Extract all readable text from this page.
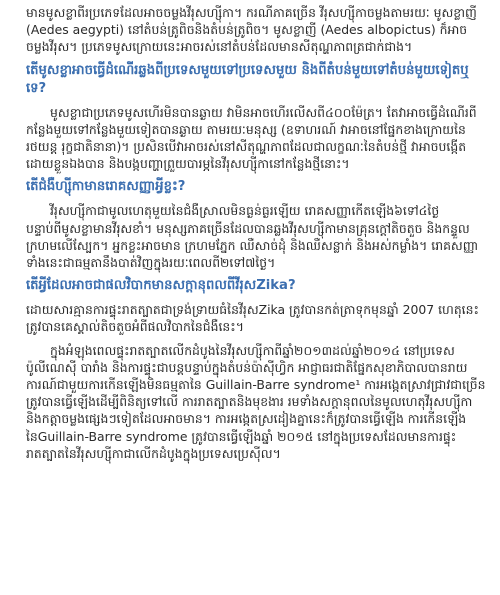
មានមូសខ្លាពីរប្រភេទដែលអាចចម្លងវីរុសហ្ស៊ីកា។ ករណីភាគច្រើន វីរុសហ្ស៊ីកាចម្លងតាមរយៈ មូសខ្លាញី (Aedes aegypti) នៅតំបន់ត្រូពិចនិងតំបន់ត្រូពិច។ មូសខ្លាញី (Aedes albopictus) ក៏អាចចម្លងវីរុស។ ប្រភេទមូសក្រោយនេះអាចរស់នៅតំបន់ដែលមានសីតុណ្ហភាពត្រជាក់ជាង។

តើមូសខ្លាអាចធ្វើដំណើរឆ្លងពីប្រទេសមួយទៅប្រទេសមួយ និងពីតំបន់មួយទៅតំបន់មួយទៀតឬទេ?

មូសខ្លាជាប្រភេទមូសហើរមិនបានឆ្ងាយ វាមិនអាចហើរលើសពី៤០០ម៉ែត្រ។ តែវាអាចធ្វើដំណើរពីកន្លែងមួយទៅកន្លែងមួយទៀតបានឆ្ងាយ តាមរយៈមនុស្ស (ឧទាហរណ៍ វាអាចនៅផ្នែកខាងក្រោយនៃរថយន្ត រុក្ខជាតិនានា)។ ប្រសិនបើវាអាចរស់នៅសីតុណ្ហភាពដែលជាលក្ខណៈនៃតំបន់ថ្មី វាអាចបង្កើតដោយខ្លួនឯងបាន និងបង្កបញ្ហាព្រួយបារម្ភនៃវីរុសហ្ស៊ីកានៅកន្លែងថ្មីនោះ។

តើជំងឺហ្ស៊ីកាមានរោគសញ្ញាអ្វីខ្លះ?

វីរុសហ្ស៊ីកាជាមូលហេតុមួយនៃជំងឺស្រាលមិនធ្ងន់ធ្ងរឡើយ រោគសញ្ញាកើតឡើង៦ទៅ៤ថ្ងៃ បន្ទាប់ពីមូសខ្លាមានវីរុសខាំ។ មនុស្សភាគច្រើនដែលបានឆ្លងវីរុសហ្ស៊ីកាមានគ្រុនក្តៅតិចតួច និងកន្ទួលក្រហមលើស្បែក។ អ្នកខ្លះអាចមាន ក្រហមភ្នែក ឈឺសាច់ដុំ និងឈឺសន្លាក់ និងអស់កម្លាំង។ រោគសញ្ញាទាំងនេះជាធម្មតានឹងបាត់វិញក្នុងរយៈពេលពី២ទៅ៧ថ្ងៃ។

តើអ្វីដែលអាចជាផលវិបាកមានសក្តានុពលពីវីរុសZika?

ដោយសារគ្មានការផ្ទុះរាតត្បាតជាទ្រង់ទ្រាយធំនៃវីរុសZika ត្រូវបានកត់ត្រាទុកមុនឆ្នាំ 2007 ហេតុនេះត្រូវបានគេស្គាល់តិចតួចអំពីផលវិបាកនៃជំងឺនេះ។

ក្នុងអំឡុងពេលផ្ទុះរាតត្បាតលើកដំបូងនៃវីរុសហ្ស៊ីកាពីឆ្នាំ២០១៣ដល់ឆ្នាំ២០១៤ នៅប្រទេសប៉ូលីណេស៊ី បារាំង និងការផ្ទុះជាបន្តបន្ទាប់ក្នុងតំបន់ប៉ាស៊ីហ្វិក អាជ្ញាធរជាតិផ្នែកសុខាភិបាលបានរាយការណ៍ជាមួយការកើនឡើងមិនធម្មតានៃ Guillain-Barre syndrome¹ ការអង្កេតស្រាវជ្រាវជាច្រើនត្រូវបានធ្វើឡើងដើម្បីពិនិត្យទៅលើ ការរាតត្បាតនិងមុខងារ រមទាំងសក្តានុពលនៃមូលហេតុវីរុសហ្ស៊ីកា និងកត្តាចម្លងផ្សេងៗទៀតដែលអាចមាន។ ការអង្កេតស្រដៀងគ្នានេះក៏ត្រូវបានធ្វើឡើង ការកើនឡើងនៃGuillain-Barre syndrome ត្រូវបានធ្វើឡើងឆ្នាំ ២០១៥ នៅក្នុងប្រទេសដែលមានការផ្ទុះរាតត្បាតនៃវីរុសហ្ស៊ីកាជាលើកដំបូងក្នុងប្រទេសប្រេស៊ីល។
